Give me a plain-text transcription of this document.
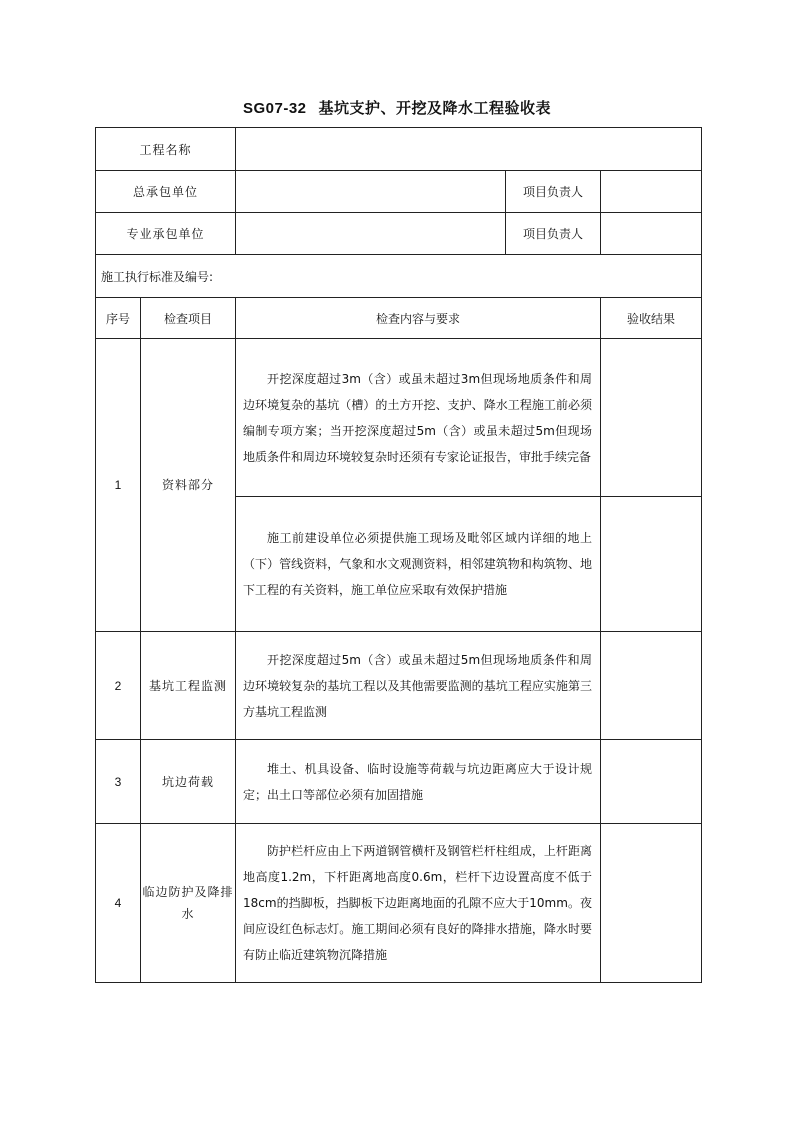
SG07-32 基坑支护、开挖及降水工程验收表
工程名称				
总承包单位			项目负责人	
专业承包单位			项目负责人	
施工执行标准及编号:				
序号	检查项目	检查内容与要求		验收结果
1	资料部分	开挖深度超过3m（含）或虽未超过3m但现场地质条件和周边环境复杂的基坑（槽）的土方开挖、支护、降水工程施工前必须编制专项方案；当开挖深度超过5m（含）或虽未超过5m但现场地质条件和周边环境较复杂时还须有专家论证报告，审批手续完备		
		施工前建设单位必须提供施工现场及毗邻区域内详细的地上（下）管线资料，气象和水文观测资料，相邻建筑物和构筑物、地下工程的有关资料，施工单位应采取有效保护措施		
2	基坑工程监测	开挖深度超过5m（含）或虽未超过5m但现场地质条件和周边环境较复杂的基坑工程以及其他需要监测的基坑工程应实施第三方基坑工程监测		
3	坑边荷载	堆土、机具设备、临时设施等荷载与坑边距离应大于设计规定；出土口等部位必须有加固措施		
4	临边防护及降排水	防护栏杆应由上下两道钢管横杆及钢管栏杆柱组成，上杆距离地高度1.2m，下杆距离地高度0.6m，栏杆下边设置高度不低于18cm的挡脚板，挡脚板下边距离地面的孔隙不应大于10mm。夜间应设红色标志灯。施工期间必须有良好的降排水措施，降水时要有防止临近建筑物沉降措施		
